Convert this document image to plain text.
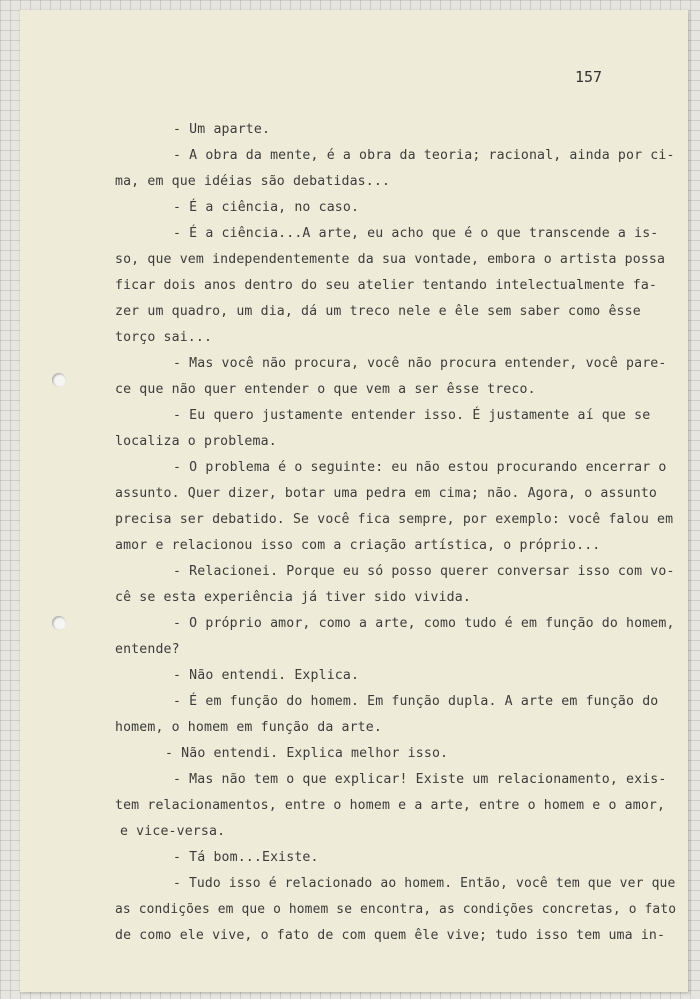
157

- Um aparte.

- A obra da mente, é a obra da teoria; racional, ainda por ci-

ma, em que idéias são debatidas...

- É a ciência, no caso.

- É a ciência...A arte, eu acho que é o que transcende a is-

so, que vem independentemente da sua vontade, embora o artista possa

ficar dois anos dentro do seu atelier tentando intelectualmente fa-

zer um quadro, um dia, dá um treco nele e êle sem saber como êsse

torço sai...

- Mas você não procura, você não procura entender, você pare-

ce que não quer entender o que vem a ser êsse treco.

- Eu quero justamente entender isso. É justamente aí que se

localiza o problema.

- O problema é o seguinte: eu não estou procurando encerrar o

assunto. Quer dizer, botar uma pedra em cima; não. Agora, o assunto

precisa ser debatido. Se você fica sempre, por exemplo: você falou em

amor e relacionou isso com a criação artística, o próprio...

- Relacionei. Porque eu só posso querer conversar isso com vo-

cê se esta experiência já tiver sido vivida.

- O próprio amor, como a arte, como tudo é em função do homem,

entende?

- Não entendi. Explica.

- É em função do homem. Em função dupla. A arte em função do

homem, o homem em função da arte.

- Não entendi. Explica melhor isso.

- Mas não tem o que explicar! Existe um relacionamento, exis-

tem relacionamentos, entre o homem e a arte, entre o homem e o amor,

e vice-versa.

- Tá bom...Existe.

- Tudo isso é relacionado ao homem. Então, você tem que ver que

as condições em que o homem se encontra, as condições concretas, o fato

de como ele vive, o fato de com quem êle vive; tudo isso tem uma in-
